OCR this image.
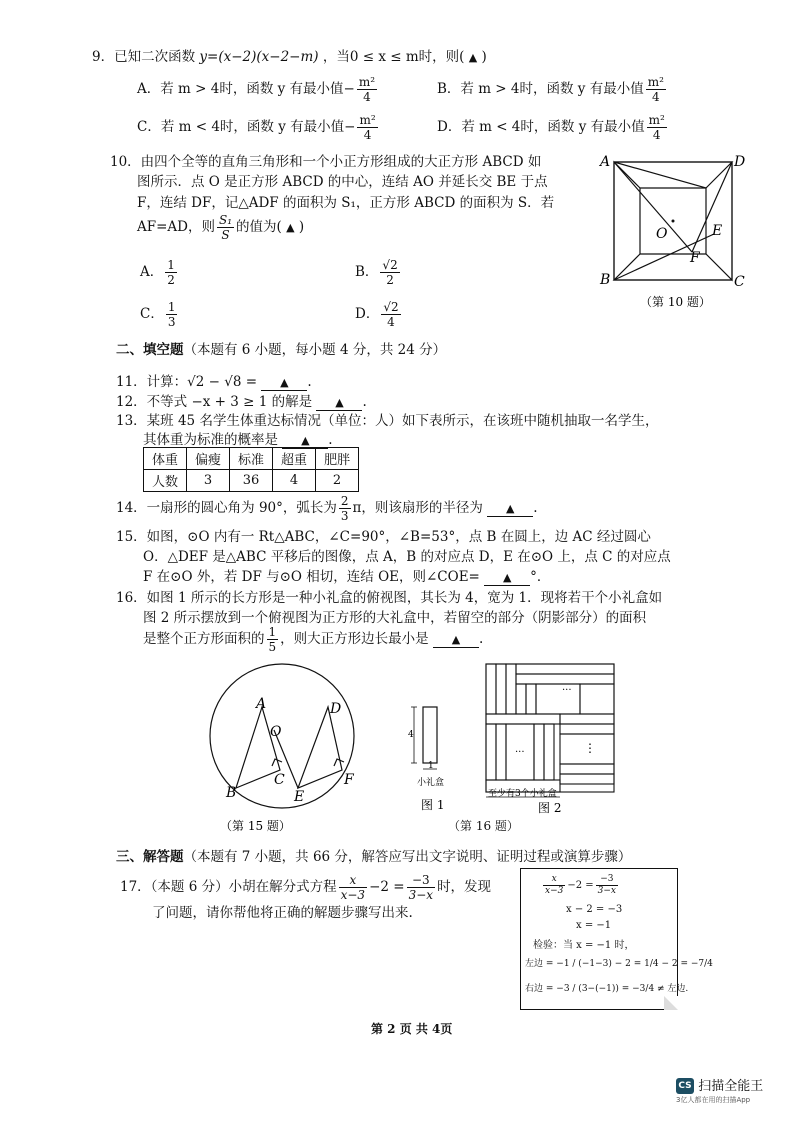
9．已知二次函数 y=(x−2)(x−2−m) ，当0 ≤ x ≤ m时，则( ▲ )
A．若 m > 4时，函数 y 有最小值− $\frac{\text{m²}}{4}$	B．若 m > 4时，函数 y 有最小值 $\frac{\text{m²}}{4}$
C．若 m < 4时，函数 y 有最小值− $\frac{\text{m²}}{4}$	D．若 m < 4时，函数 y 有最小值 $\frac{\text{m²}}{4}$
10．由四个全等的直角三角形和一个小正方形组成的大正方形 ABCD 如
图所示．点 O 是正方形 ABCD 的中心，连结 AO 并延长交 BE 于点
F，连结 DF，记△ADF 的面积为 S₁，正方形 ABCD 的面积为 S．若
AF=AD，则 $\frac{\text{S₁}}{S}$ 的值为( ▲ )
A． $\frac{1}{2}$	B． $\frac{√2}{2}$
C． $\frac{1}{3}$	D． $\frac{√2}{4}$
A	D
B	C
O	E
F
（第 10 题）
二、填空题（本题有 6 小题，每小题 4 分，共 24 分）
11．计算：√2 − √8 = ▲ .
12．不等式 −x + 3 ≥ 1 的解是 ▲ .
13．某班 45 名学生体重达标情况（单位：人）如下表所示，在该班中随机抽取一名学生，
其体重为标准的概率是 ▲ .
体重	偏瘦	标准	超重	肥胖
人数	3	36	4	2
14．一扇形的圆心角为 90°，弧长为 $\frac{2}{3}$ π，则该扇形的半径为 ▲ .
15．如图，⊙O 内有一 Rt△ABC，∠C=90°，∠B=53°，点 B 在圆上，边 AC 经过圆心
O．△DEF 是△ABC 平移后的图像，点 A，B 的对应点 D，E 在⊙O 上，点 C 的对应点
F 在⊙O 外，若 DF 与⊙O 相切，连结 OE，则∠COE= ▲ °．
16．如图 1 所示的长方形是一种小礼盒的俯视图，其长为 4，宽为 1．现将若干个小礼盒如
图 2 所示摆放到一个俯视图为正方形的大礼盒中，若留空的部分（阴影部分）的面积
是整个正方形面积的 $\frac{1}{5}$ ，则大正方形边长最小是 ▲ .
A
O
D
C
B	E
F
（第 15 题）
4
1
小礼盒
图 1
...
...	⋮
至少有3个小礼盒
图 2
（第 16 题）
三、解答题（本题有 7 小题，共 66 分，解答应写出文字说明、证明过程或演算步骤）
17．（本题 6 分）小胡在解分式方程 $\frac{x}{x-3} -2 = \frac{-3}{3-x}$ 时，发现
了问题，请你帮他将正确的解题步骤写出来.
$\frac{x}{x-3} -2 = \frac{-3}{3-x}$
x − 2 = −3
x = −1
检验：当 x = −1 时，
左边 = −1 / (−1−3) − 2 = 1/4 − 2 = −7/4
右边 = −3 / (3−(−1)) = −3/4 ≠ 左边.
第 2 页 共 4页
CS 扫描全能王
3亿人都在用的扫描App
